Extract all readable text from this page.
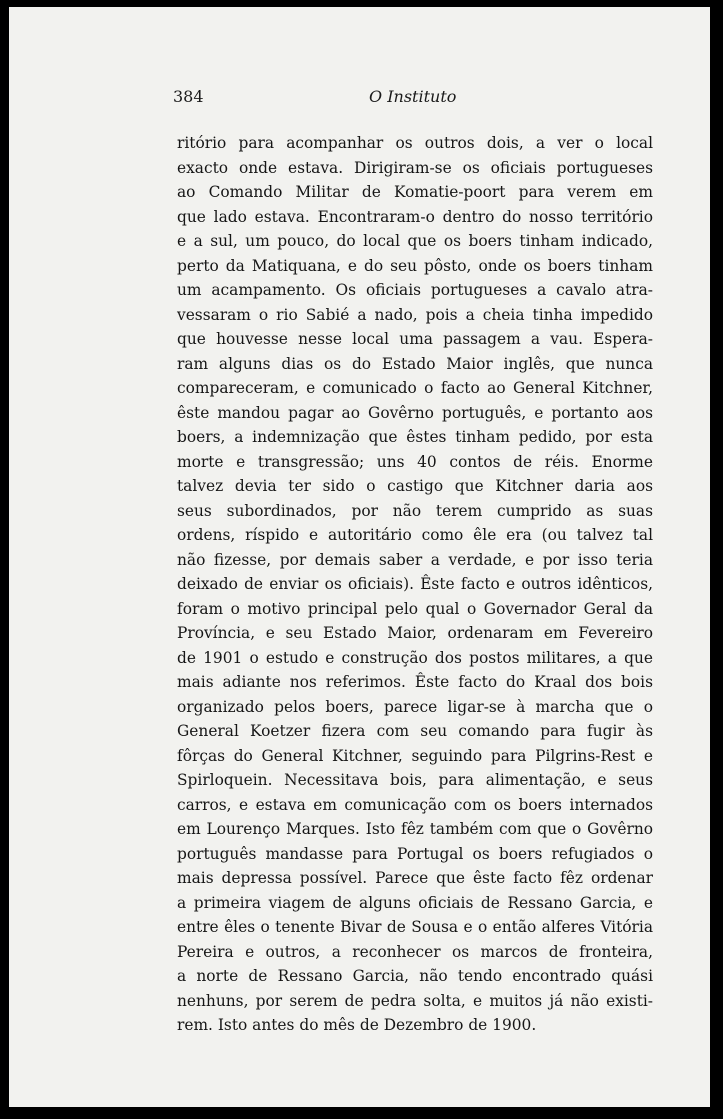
384	O Instituto
ritório para acompanhar os outros dois, a ver o local
exacto onde estava. Dirigiram-se os oficiais portugueses
ao Comando Militar de Komatie-poort para verem em
que lado estava. Encontraram-o dentro do nosso território
e a sul, um pouco, do local que os boers tinham indicado,
perto da Matiquana, e do seu pôsto, onde os boers tinham
um acampamento. Os oficiais portugueses a cavalo atra-
vessaram o rio Sabié a nado, pois a cheia tinha impedido
que houvesse nesse local uma passagem a vau. Espera-
ram alguns dias os do Estado Maior inglês, que nunca
compareceram, e comunicado o facto ao General Kitchner,
êste mandou pagar ao Govêrno português, e portanto aos
boers, a indemnização que êstes tinham pedido, por esta
morte e transgressão; uns 40 contos de réis. Enorme
talvez devia ter sido o castigo que Kitchner daria aos
seus subordinados, por não terem cumprido as suas
ordens, ríspido e autoritário como êle era (ou talvez tal
não fizesse, por demais saber a verdade, e por isso teria
deixado de enviar os oficiais). Êste facto e outros idênticos,
foram o motivo principal pelo qual o Governador Geral da
Província, e seu Estado Maior, ordenaram em Fevereiro
de 1901 o estudo e construção dos postos militares, a que
mais adiante nos referimos. Êste facto do Kraal dos bois
organizado pelos boers, parece ligar-se à marcha que o
General Koetzer fizera com seu comando para fugir às
fôrças do General Kitchner, seguindo para Pilgrins-Rest e
Spirloquein. Necessitava bois, para alimentação, e seus
carros, e estava em comunicação com os boers internados
em Lourenço Marques. Isto fêz também com que o Govêrno
português mandasse para Portugal os boers refugiados o
mais depressa possível. Parece que êste facto fêz ordenar
a primeira viagem de alguns oficiais de Ressano Garcia, e
entre êles o tenente Bivar de Sousa e o então alferes Vitória
Pereira e outros, a reconhecer os marcos de fronteira,
a norte de Ressano Garcia, não tendo encontrado quási
nenhuns, por serem de pedra solta, e muitos já não existi-
rem. Isto antes do mês de Dezembro de 1900.
